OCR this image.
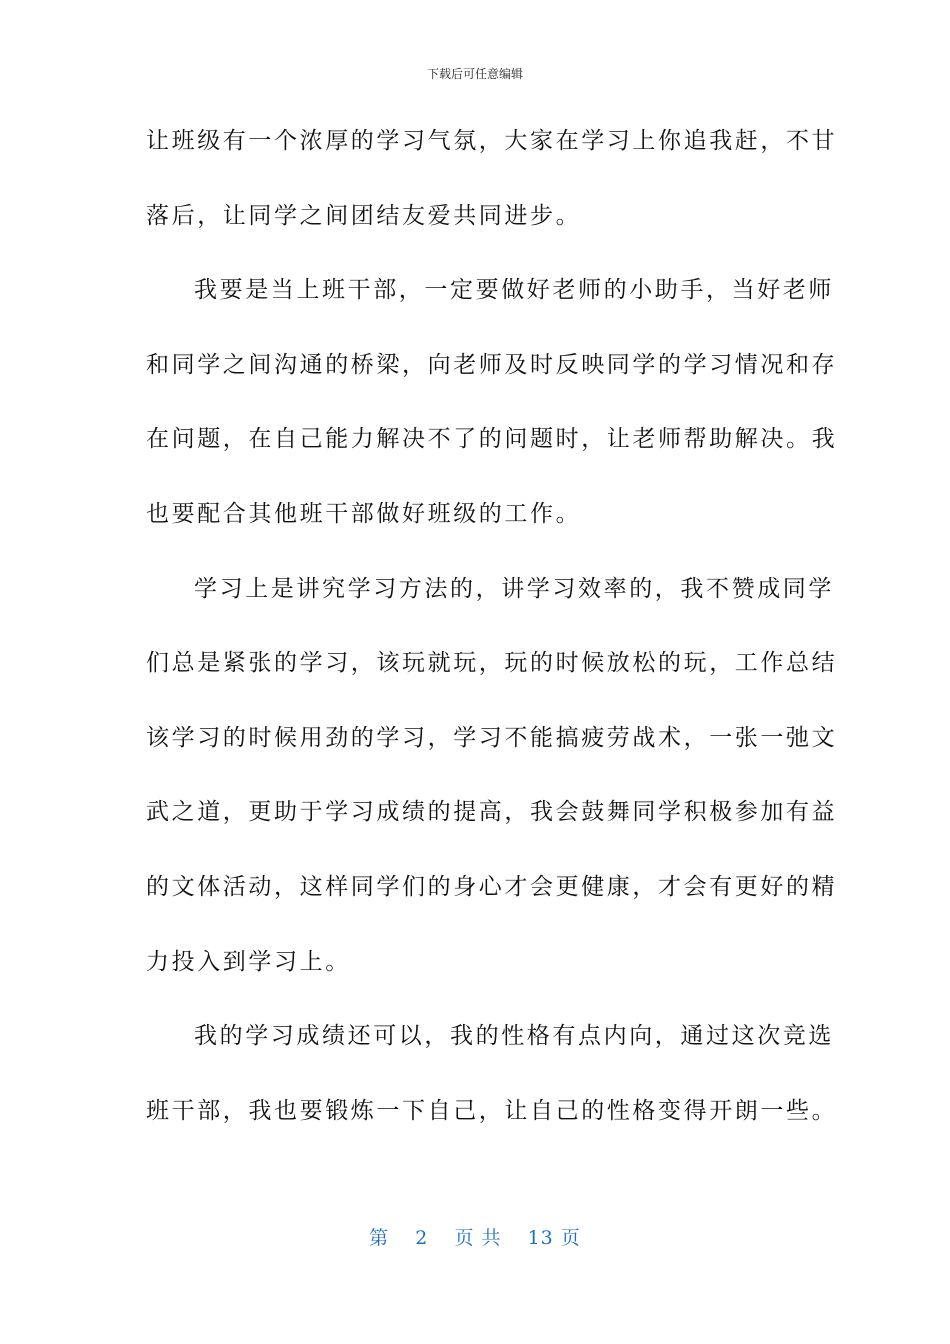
下载后可任意编辑
让班级有一个浓厚的学习气氛，大家在学习上你追我赶，不甘
落后，让同学之间团结友爱共同进步。
我要是当上班干部，一定要做好老师的小助手，当好老师
和同学之间沟通的桥梁，向老师及时反映同学的学习情况和存
在问题，在自己能力解决不了的问题时，让老师帮助解决。我
也要配合其他班干部做好班级的工作。
学习上是讲究学习方法的，讲学习效率的，我不赞成同学
们总是紧张的学习，该玩就玩，玩的时候放松的玩，工作总结
该学习的时候用劲的学习，学习不能搞疲劳战术，一张一弛文
武之道，更助于学习成绩的提高，我会鼓舞同学积极参加有益
的文体活动，这样同学们的身心才会更健康，才会有更好的精
力投入到学习上。
我的学习成绩还可以，我的性格有点内向，通过这次竞选
班干部，我也要锻炼一下自己，让自己的性格变得开朗一些。
第 2 页 共 13 页
